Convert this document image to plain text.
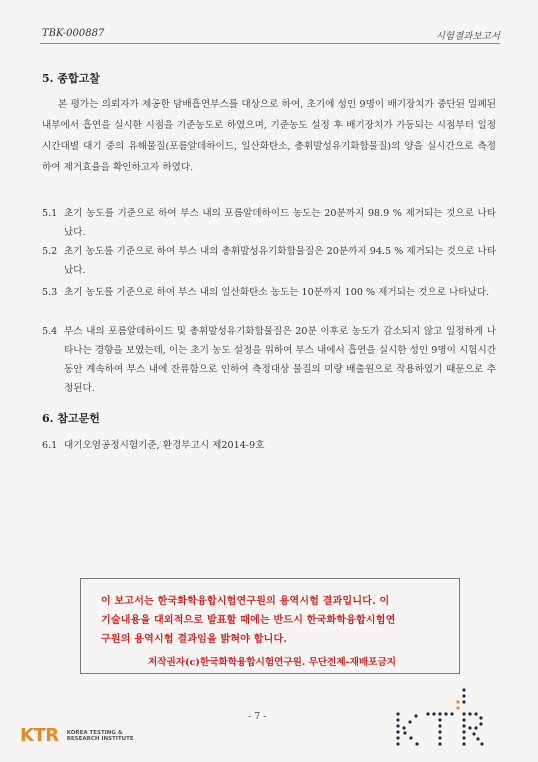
TBK-000887	시험결과보고서
5. 종합고찰
본 평가는 의뢰자가 제공한 담배흡연부스를 대상으로 하여, 초기에 성인 9명이 배기장치가 중단된 밀폐된 내부에서 흡연을 실시한 시점을 기준농도로 하였으며, 기준농도 설정 후 배기장치가 가동되는 시점부터 일정 시간대별 대기 중의 유해물질(포름알데하이드, 일산화탄소, 총휘발성유기화합물질)의 양을 실시간으로 측정하여 제거효율을 확인하고자 하였다.
5.1 초기 농도를 기준으로 하여 부스 내의 포름알데하이드 농도는 20분까지 98.9 % 제거되는 것으로 나타났다.
5.2 초기 농도를 기준으로 하여 부스 내의 총휘발성유기화합물질은 20분까지 94.5 % 제거되는 것으로 나타났다.
5.3 초기 농도를 기준으로 하여 부스 내의 일산화탄소 농도는 10분까지 100 % 제거되는 것으로 나타났다.
5.4 부스 내의 포름알데하이드 및 총휘발성유기화합물질은 20분 이후로 농도가 감소되지 않고 일정하게 나타나는 경향을 보였는데, 이는 초기 농도 설정을 위하여 부스 내에서 흡연을 실시한 성인 9명이 시험시간 동안 계속하여 부스 내에 잔류함으로 인하여 측정대상 물질의 미량 배출원으로 작용하였기 때문으로 추정된다.
6. 참고문헌
6.1 대기오염공정시험기준, 환경부고시 제2014-9호
이 보고서는 한국화학융합시험연구원의 용역시험 결과입니다. 이
기술내용을 대외적으로 발표할 때에는 반드시 한국화학융합시험연
구원의 용역시험 결과임을 밝혀야 합니다.
저작권자(c)한국화학융합시험연구원. 무단전제-재배포금지
- 7 -
KTR KOREA TESTING &
RESEARCH INSTITUTE
